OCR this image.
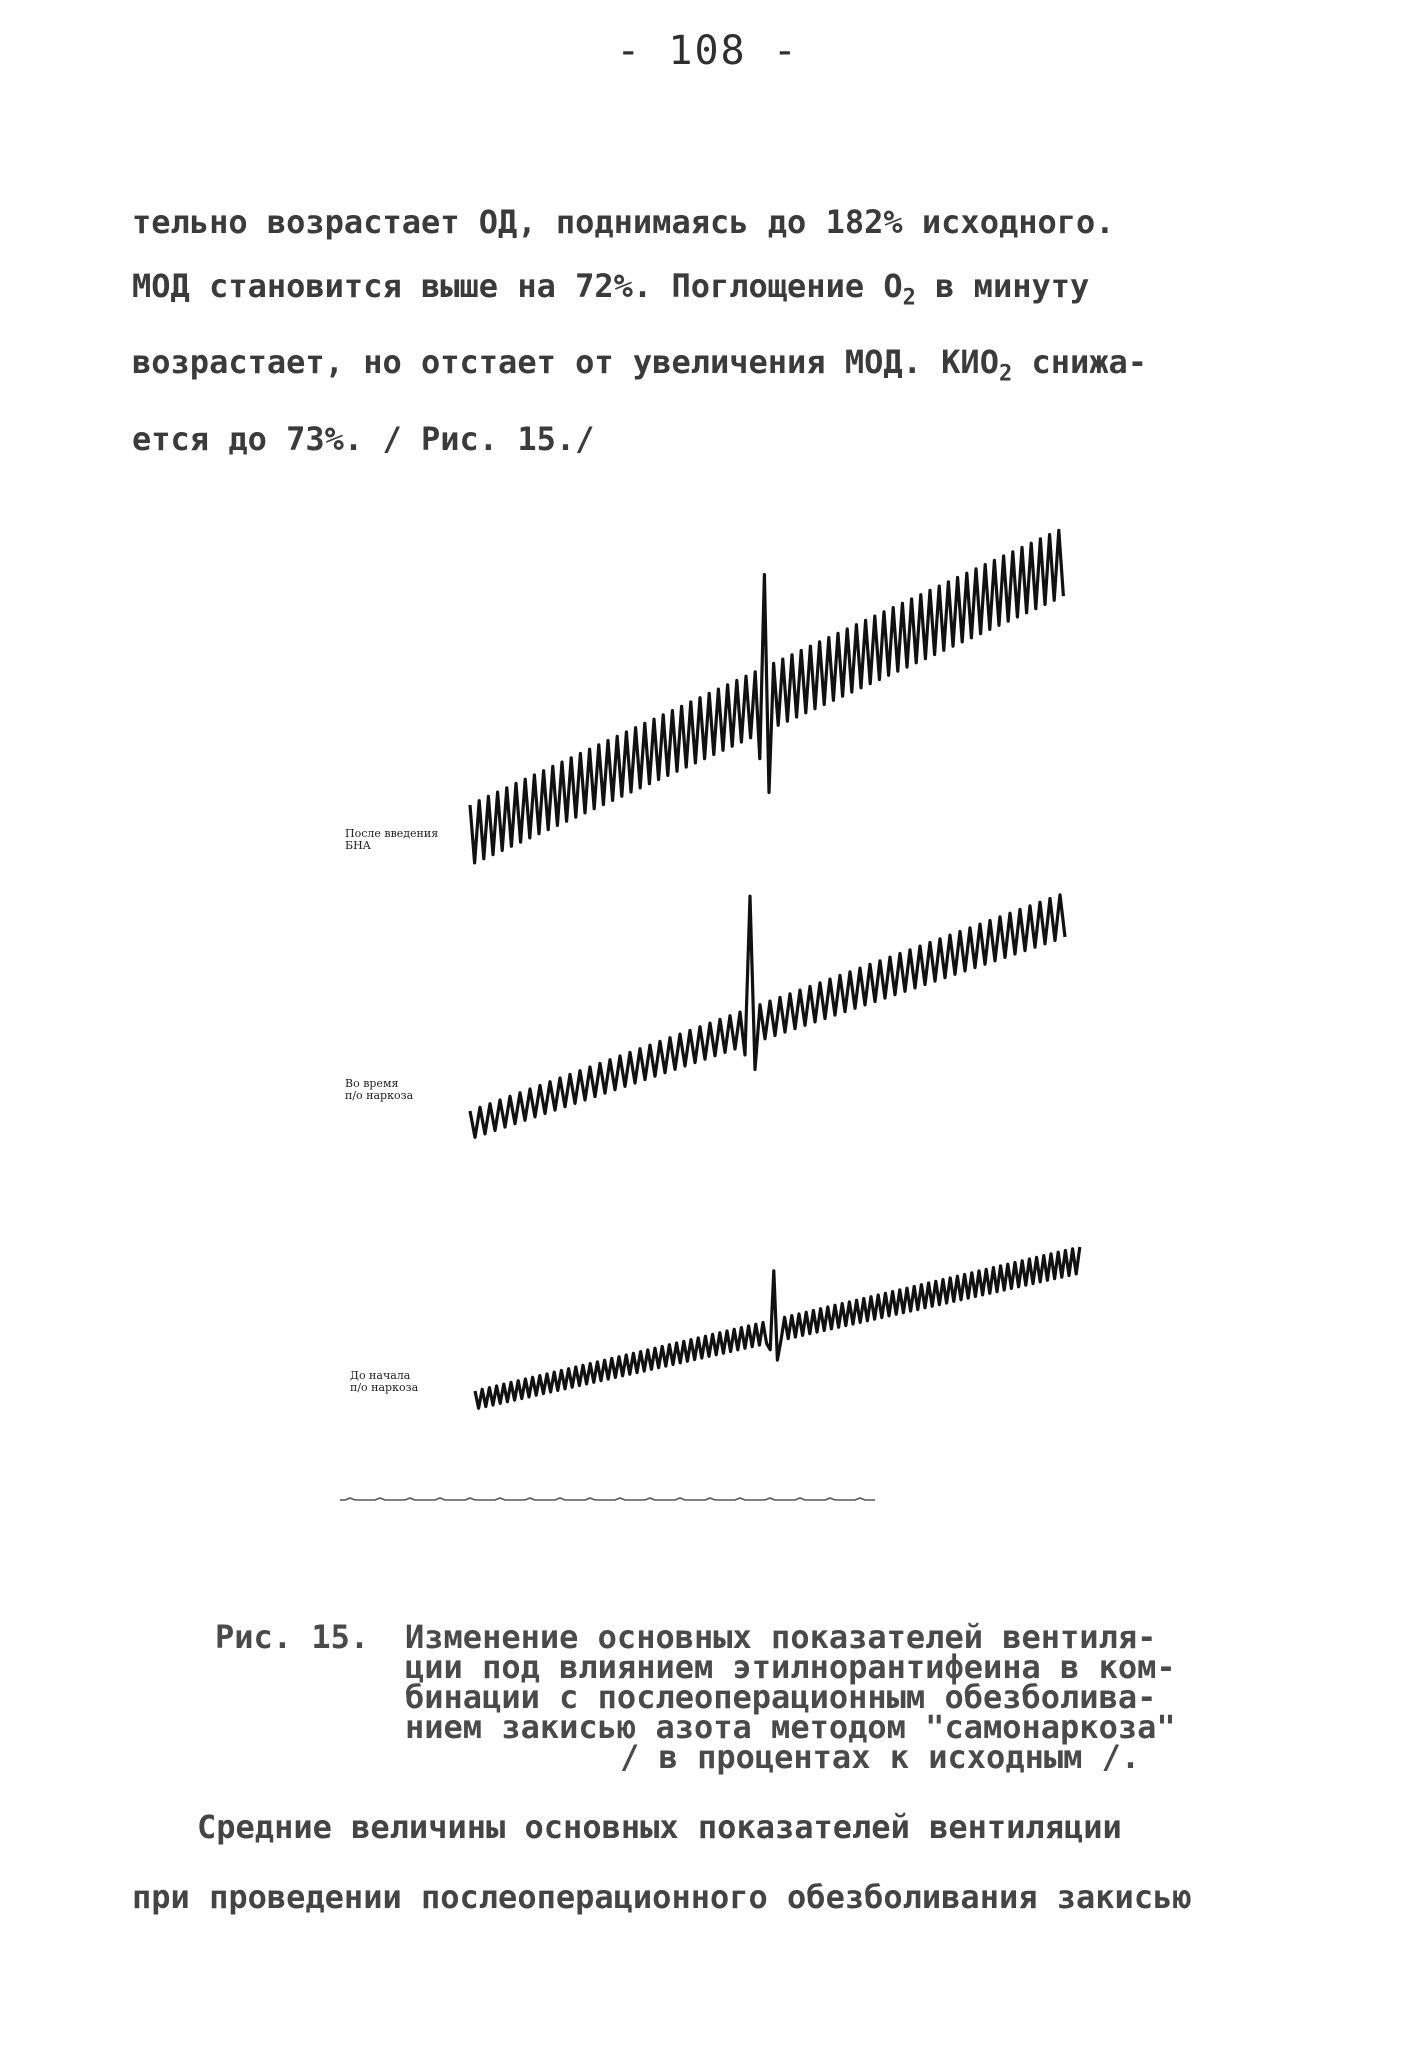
- 108 -
тельно возрастает ОД, поднимаясь до 182% исходного.
МОД становится выше на 72%. Поглощение $О_2$ в минуту
возрастает, но отстает от увеличения МОД. $КИО_2$ снижа-
ется до 73%. / Рис. 15./
После введения
БНА
Во время
п/о наркоза
До начала
п/о наркоза
Рис. 15.	Изменение основных показателей вентиля-
ции под влиянием этилнорантифеина в ком-
бинации с послеоперационным обезболива-
нием закисью азота методом "самонаркоза"
/ в процентах к исходным /.
Средние величины основных показателей вентиляции
при проведении послеоперационного обезболивания закисью
